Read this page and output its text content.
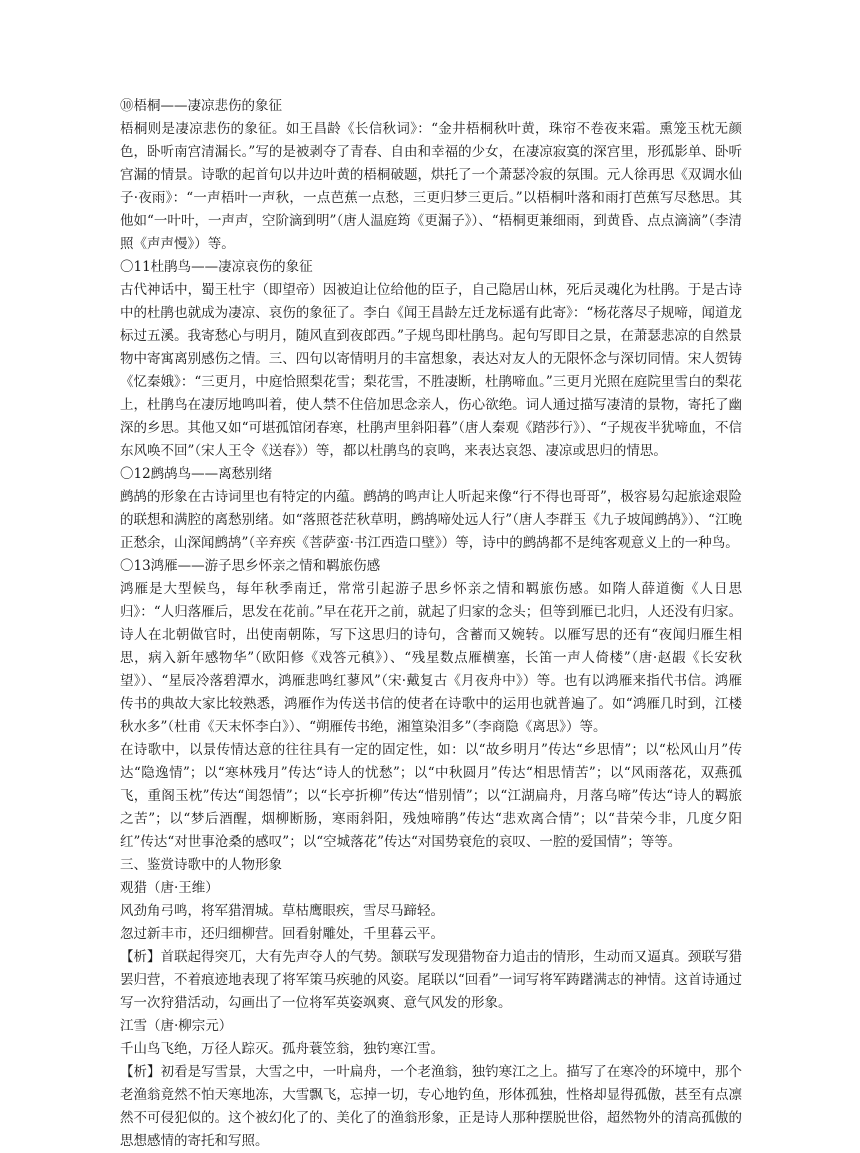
⑩梧桐——凄凉悲伤的象征

梧桐则是凄凉悲伤的象征。如王昌龄《长信秋词》：“金井梧桐秋叶黄，珠帘不卷夜来霜。熏笼玉枕无颜色，卧听南宫清漏长。”写的是被剥夺了青春、自由和幸福的少女，在凄凉寂寞的深宫里，形孤影单、卧听宫漏的情景。诗歌的起首句以井边叶黄的梧桐破题，烘托了一个萧瑟冷寂的氛围。元人徐再思《双调水仙子·夜雨》：“一声梧叶一声秋，一点芭蕉一点愁，三更归梦三更后。”以梧桐叶落和雨打芭蕉写尽愁思。其他如“一叶叶，一声声，空阶滴到明”（唐人温庭筠《更漏子》）、“梧桐更兼细雨，到黄昏、点点滴滴”（李清照《声声慢》）等。

〇11杜鹃鸟——凄凉哀伤的象征

古代神话中，蜀王杜宇（即望帝）因被迫让位给他的臣子，自己隐居山林，死后灵魂化为杜鹃。于是古诗中的杜鹃也就成为凄凉、哀伤的象征了。李白《闻王昌龄左迁龙标遥有此寄》：“杨花落尽子规啼，闻道龙标过五溪。我寄愁心与明月，随风直到夜郎西。”子规鸟即杜鹃鸟。起句写即目之景，在萧瑟悲凉的自然景物中寄寓离别感伤之情。三、四句以寄情明月的丰富想象，表达对友人的无限怀念与深切同情。宋人贺铸《忆秦娥》：“三更月，中庭恰照梨花雪；梨花雪，不胜凄断，杜鹃啼血。”三更月光照在庭院里雪白的梨花上，杜鹃鸟在凄厉地鸣叫着，使人禁不住倍加思念亲人，伤心欲绝。词人通过描写凄清的景物，寄托了幽深的乡思。其他又如“可堪孤馆闭春寒，杜鹃声里斜阳暮”（唐人秦观《踏莎行》）、“子规夜半犹啼血，不信东风唤不回”（宋人王令《送春》）等，都以杜鹃鸟的哀鸣，来表达哀怨、凄凉或思归的情思。

〇12鹧鸪鸟——离愁别绪

鹧鸪的形象在古诗词里也有特定的内蕴。鹧鸪的鸣声让人听起来像“行不得也哥哥”，极容易勾起旅途艰险的联想和满腔的离愁别绪。如“落照苍茫秋草明，鹧鸪啼处远人行”（唐人李群玉《九子坡闻鹧鸪》）、“江晚正愁余，山深闻鹧鸪”（辛弃疾《菩萨蛮·书江西造口壁》）等，诗中的鹧鸪都不是纯客观意义上的一种鸟。

〇13鸿雁——游子思乡怀亲之情和羁旅伤感

鸿雁是大型候鸟，每年秋季南迁，常常引起游子思乡怀亲之情和羁旅伤感。如隋人薛道衡《人日思归》：“人归落雁后，思发在花前。”早在花开之前，就起了归家的念头；但等到雁已北归，人还没有归家。诗人在北朝做官时，出使南朝陈，写下这思归的诗句，含蓄而又婉转。以雁写思的还有“夜闻归雁生相思，病入新年感物华”（欧阳修《戏答元稹》）、“残星数点雁横塞，长笛一声人倚楼”（唐·赵嘏《长安秋望》）、“星辰冷落碧潭水，鸿雁悲鸣红蓼风”（宋·戴复古《月夜舟中》）等。也有以鸿雁来指代书信。鸿雁传书的典故大家比较熟悉，鸿雁作为传送书信的使者在诗歌中的运用也就普遍了。如“鸿雁几时到，江楼秋水多”（杜甫《天末怀李白》）、“朔雁传书绝，湘篁染泪多”（李商隐《离思》）等。

在诗歌中，以景传情达意的往往具有一定的固定性，如：以“故乡明月”传达“乡思情”；以“松风山月”传达“隐逸情”；以“寒林残月”传达“诗人的忧愁”；以“中秋圆月”传达“相思情苦”；以“风雨落花，双燕孤飞，重阁玉枕”传达“闺怨情”；以“长亭折柳”传达“惜别情”；以“江湖扁舟，月落乌啼”传达“诗人的羁旅之苦”；以“梦后酒醒，烟柳断肠，寒雨斜阳，残烛啼鹃”传达“悲欢离合情”；以“昔荣今非，几度夕阳红”传达“对世事沧桑的感叹”；以“空城落花”传达“对国势衰危的哀叹、一腔的爱国情”；等等。

三、鉴赏诗歌中的人物形象

观猎（唐·王维）

风劲角弓鸣，将军猎渭城。草枯鹰眼疾，雪尽马蹄轻。

忽过新丰市，还归细柳营。回看射雕处，千里暮云平。

【析】首联起得突兀，大有先声夺人的气势。颔联写发现猎物奋力追击的情形，生动而又逼真。颈联写猎罢归营，不着痕迹地表现了将军策马疾驰的风姿。尾联以“回看”一词写将军踌躇满志的神情。这首诗通过写一次狩猎活动，勾画出了一位将军英姿飒爽、意气风发的形象。

江雪（唐·柳宗元）

千山鸟飞绝，万径人踪灭。孤舟蓑笠翁，独钓寒江雪。

【析】初看是写雪景，大雪之中，一叶扁舟，一个老渔翁，独钓寒江之上。描写了在寒冷的环境中，那个老渔翁竟然不怕天寒地冻，大雪飘飞，忘掉一切，专心地钓鱼，形体孤独，性格却显得孤傲，甚至有点凛然不可侵犯似的。这个被幻化了的、美化了的渔翁形象，正是诗人那种摆脱世俗，超然物外的清高孤傲的思想感情的寄托和写照。
